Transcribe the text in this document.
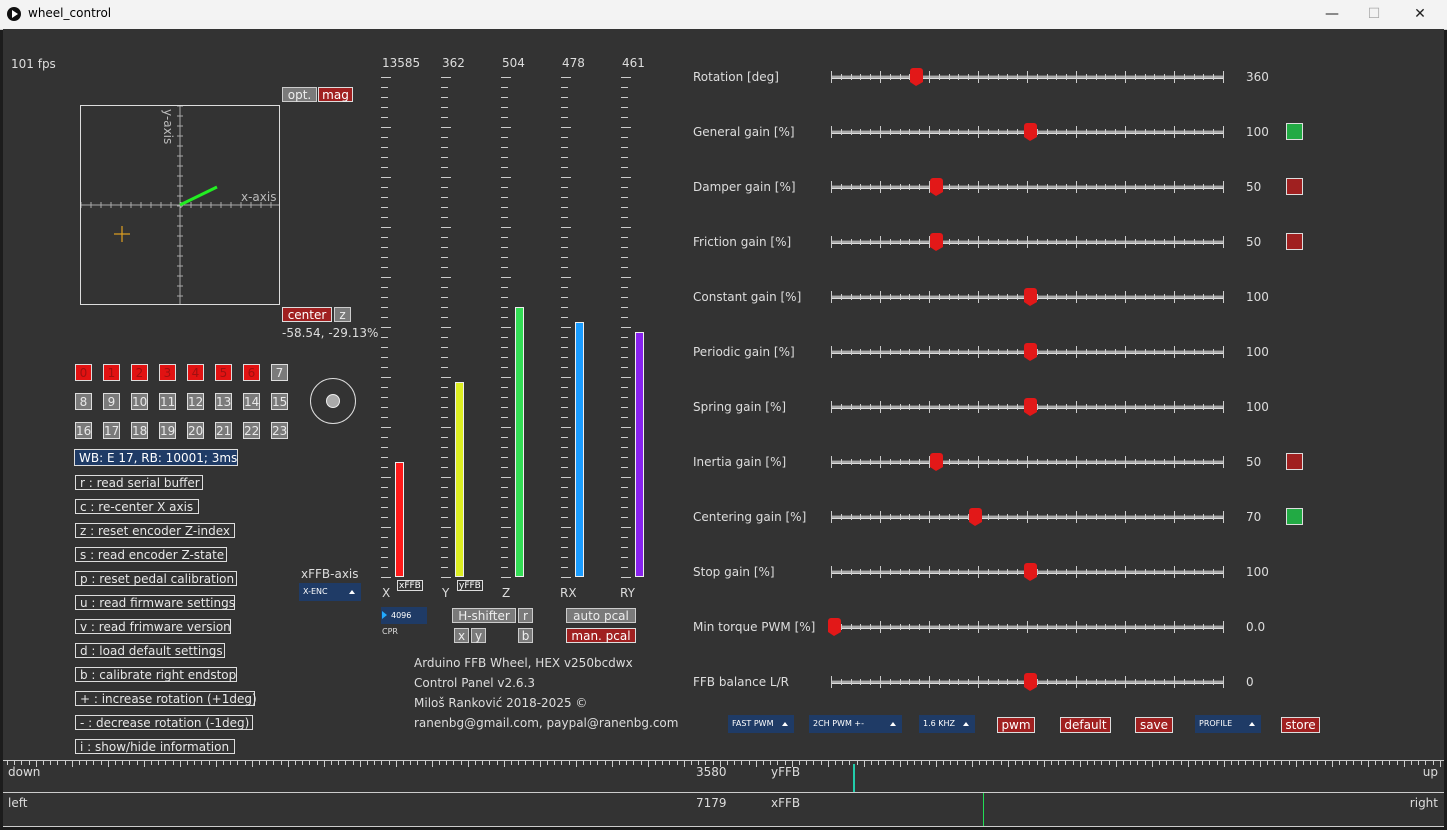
wheel_control	—	☐	✕
101 fps
x-axis
y-axis
opt. mag
center	z
-58.54, -29.13%
0	1	2	3	4	5	6	7
8	9	10 11 12 13 14 15
16 17 18 19 20 21 22 23
WB: E 17, RB: 10001; 3ms
r : read serial buffer
c : re-center X axis
z : reset encoder Z-index
s : read encoder Z-state
p : reset pedal calibration
u : read firmware settings
v : read frimware version
d : load default settings
b : calibrate right endstop
+ : increase rotation (+1deg)
- : decrease rotation (-1deg)
i : show/hide information
xFFB-axis
X-ENC
13585
X xFFB
362
Y yFFB
504
Z
478
RX
461
RY
4096
CPR
H-shifter	r
x y	b
auto pcal
man. pcal
Arduino FFB Wheel, HEX v250bcdwx
Control Panel v2.6.3
Miloš Ranković 2018-2025 ©
ranenbg@gmail.com, paypal@ranenbg.com
Rotation [deg]	360
General gain [%]	100
Damper gain [%]	50
Friction gain [%]	50
Constant gain [%]	100
Periodic gain [%]	100
Spring gain [%]	100
Inertia gain [%]	50
Centering gain [%]	70
Stop gain [%]	100
Min torque PWM [%]	0.0
FFB balance L/R	0
FAST PWM	2CH PWM +-	1.6 KHZ	pwm	default	save	PROFILE	store
down	up
3580	yFFB
left	right
7179	xFFB
